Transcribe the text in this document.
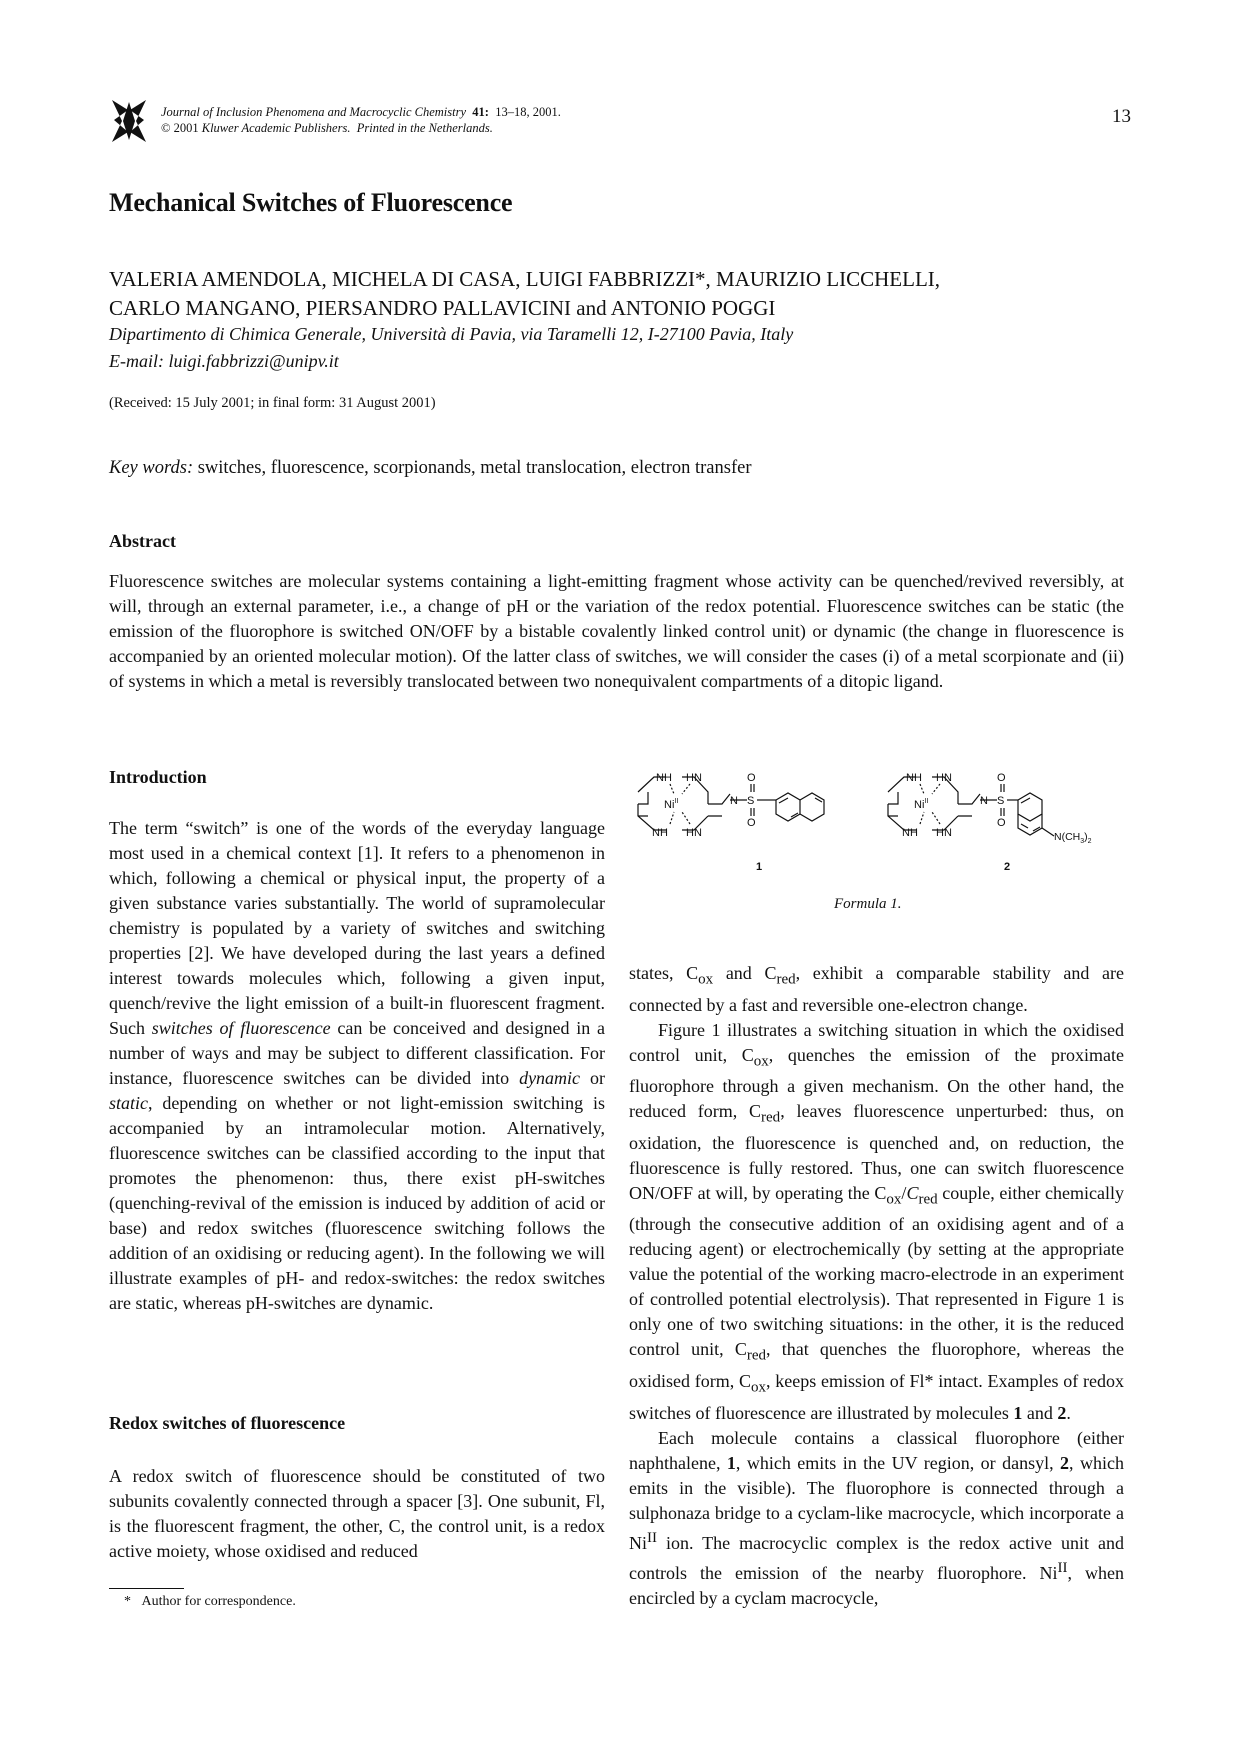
Journal of Inclusion Phenomena and Macrocyclic Chemistry 41: 13–18, 2001.
© 2001 Kluwer Academic Publishers. Printed in the Netherlands.
13
Mechanical Switches of Fluorescence
VALERIA AMENDOLA, MICHELA DI CASA, LUIGI FABBRIZZI*, MAURIZIO LICCHELLI,
CARLO MANGANO, PIERSANDRO PALLAVICINI and ANTONIO POGGI
Dipartimento di Chimica Generale, Università di Pavia, via Taramelli 12, I-27100 Pavia, Italy
E-mail: luigi.fabbrizzi@unipv.it
(Received: 15 July 2001; in final form: 31 August 2001)
Key words: switches, fluorescence, scorpionands, metal translocation, electron transfer
Abstract
Fluorescence switches are molecular systems containing a light-emitting fragment whose activity can be quenched/revived reversibly, at will, through an external parameter, i.e., a change of pH or the variation of the redox potential. Fluorescence switches can be static (the emission of the fluorophore is switched ON/OFF by a bistable covalently linked control unit) or dynamic (the change in fluorescence is accompanied by an oriented molecular motion). Of the latter class of switches, we will consider the cases (i) of a metal scorpionate and (ii) of systems in which a metal is reversibly translocated between two nonequivalent compartments of a ditopic ligand.
Introduction

The term “switch” is one of the words of the everyday language most used in a chemical context [1]. It refers to a phenomenon in which, following a chemical or physical input, the property of a given substance varies substantially. The world of supramolecular chemistry is populated by a variety of switches and switching properties [2]. We have developed during the last years a defined interest towards molecules which, following a given input, quench/revive the light emission of a built-in fluorescent fragment. Such switches of fluorescence can be conceived and designed in a number of ways and may be subject to different classification. For instance, fluorescence switches can be divided into dynamic or static, depending on whether or not light-emission switching is accompanied by an intramolecular motion. Alternatively, fluorescence switches can be classified according to the input that promotes the phenomenon: thus, there exist pH-switches (quenching-revival of the emission is induced by addition of acid or base) and redox switches (fluorescence switching follows the addition of an oxidising or reducing agent). In the following we will illustrate examples of pH- and redox-switches: the redox switches are static, whereas pH-switches are dynamic.

Redox switches of fluorescence

A redox switch of fluorescence should be constituted of two subunits covalently connected through a spacer [3]. One subunit, Fl, is the fluorescent fragment, the other, C, the control unit, is a redox active moiety, whose oxidised and reduced

* Author for correspondence.
NH HN
$Ni^{II}$
NH HN
N S
O
O
1
NH HN
$Ni^{II}$
NH HN
N S
O
O
$N(CH_3)_2$
2
Formula 1.

states, $C_{ox}$ and $C_{red}$, exhibit a comparable stability and are connected by a fast and reversible one-electron change.

Figure 1 illustrates a switching situation in which the oxidised control unit, $C_{ox}$, quenches the emission of the proximate fluorophore through a given mechanism. On the other hand, the reduced form, $C_{red}$, leaves fluorescence unperturbed: thus, on oxidation, the fluorescence is quenched and, on reduction, the fluorescence is fully restored. Thus, one can switch fluorescence ON/OFF at will, by operating the $C_{ox}/C_{red}$ couple, either chemically (through the consecutive addition of an oxidising agent and of a reducing agent) or electrochemically (by setting at the appropriate value the potential of the working macro-electrode in an experiment of controlled potential electrolysis). That represented in Figure 1 is only one of two switching situations: in the other, it is the reduced control unit, $C_{red}$, that quenches the fluorophore, whereas the oxidised form, $C_{ox}$, keeps emission of Fl* intact. Examples of redox switches of fluorescence are illustrated by molecules 1 and 2.

Each molecule contains a classical fluorophore (either naphthalene, 1, which emits in the UV region, or dansyl, 2, which emits in the visible). The fluorophore is connected through a sulphonaza bridge to a cyclam-like macrocycle, which incorporate a $Ni^{II}$ ion. The macrocyclic complex is the redox active unit and controls the emission of the nearby fluorophore. $Ni^{II}$, when encircled by a cyclam macrocycle,
